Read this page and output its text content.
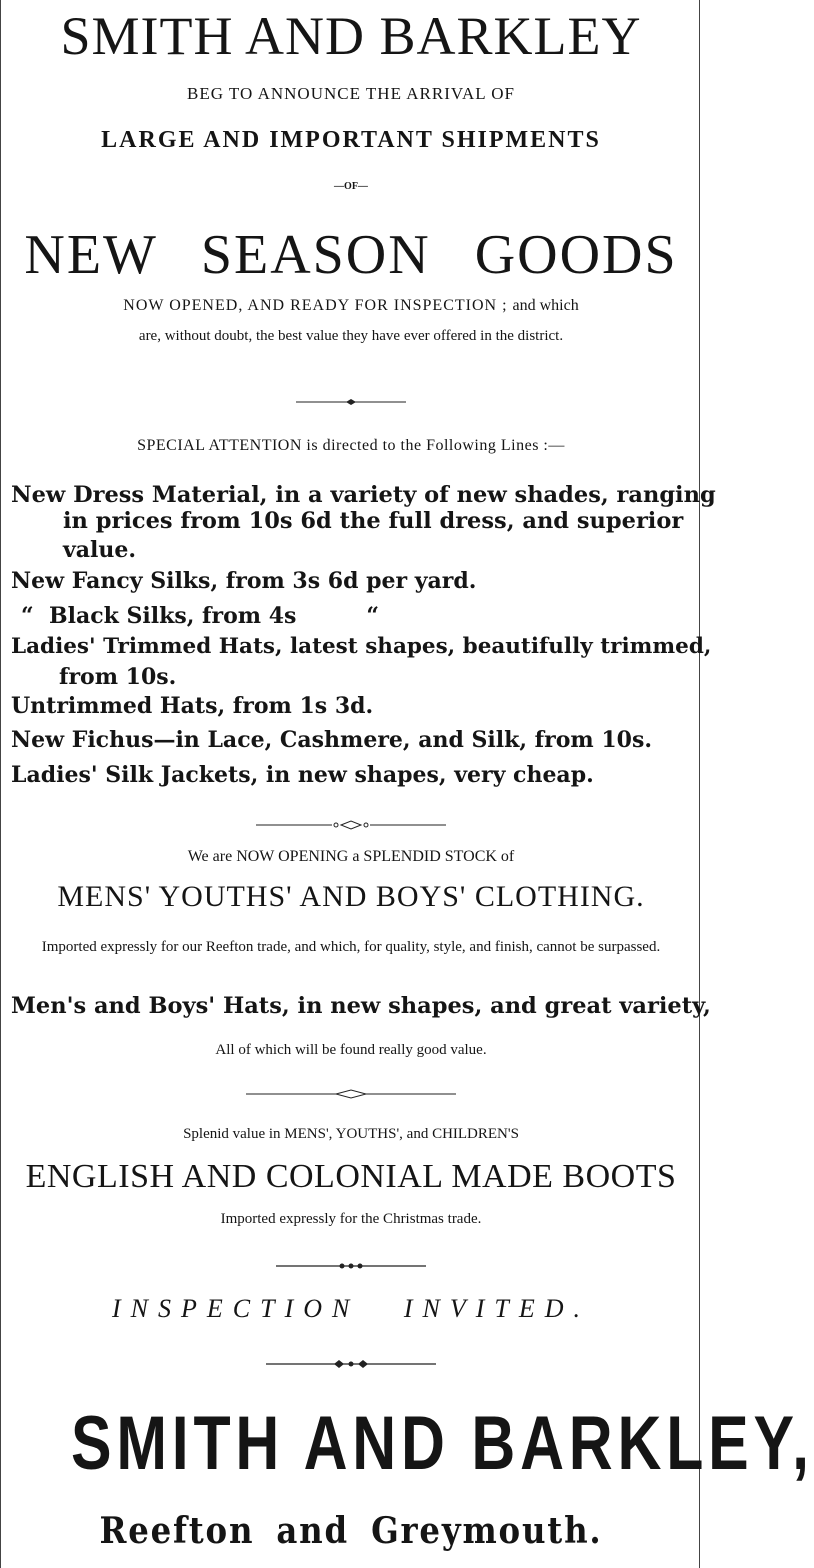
SMITH AND BARKLEY
BEG TO ANNOUNCE THE ARRIVAL OF
LARGE AND IMPORTANT SHIPMENTS
—OF—
NEW SEASON GOODS
NOW OPENED, AND READY FOR INSPECTION ; and which
are, without doubt, the best value they have ever offered in the district.
SPECIAL ATTENTION is directed to the Following Lines :—
New Dress Material, in a variety of new shades, ranging
in prices from 10s 6d the full dress, and superior
value.
New Fancy Silks, from 3s 6d per yard.
“ Black Silks, from 4s	“
Ladies' Trimmed Hats, latest shapes, beautifully trimmed,
from 10s.
Untrimmed Hats, from 1s 3d.
New Fichus—in Lace, Cashmere, and Silk, from 10s.
Ladies' Silk Jackets, in new shapes, very cheap.
We are NOW OPENING a SPLENDID STOCK of
MENS' YOUTHS' AND BOYS' CLOTHING.
Imported expressly for our Reefton trade, and which, for quality, style, and finish, cannot be surpassed.
Men's and Boys' Hats, in new shapes, and great variety,
All of which will be found really good value.
Splenid value in MENS', YOUTHS', and CHILDREN'S
ENGLISH AND COLONIAL MADE BOOTS
Imported expressly for the Christmas trade.
INSPECTION INVITED.
SMITH AND BARKLEY,
Reefton and Greymouth.
